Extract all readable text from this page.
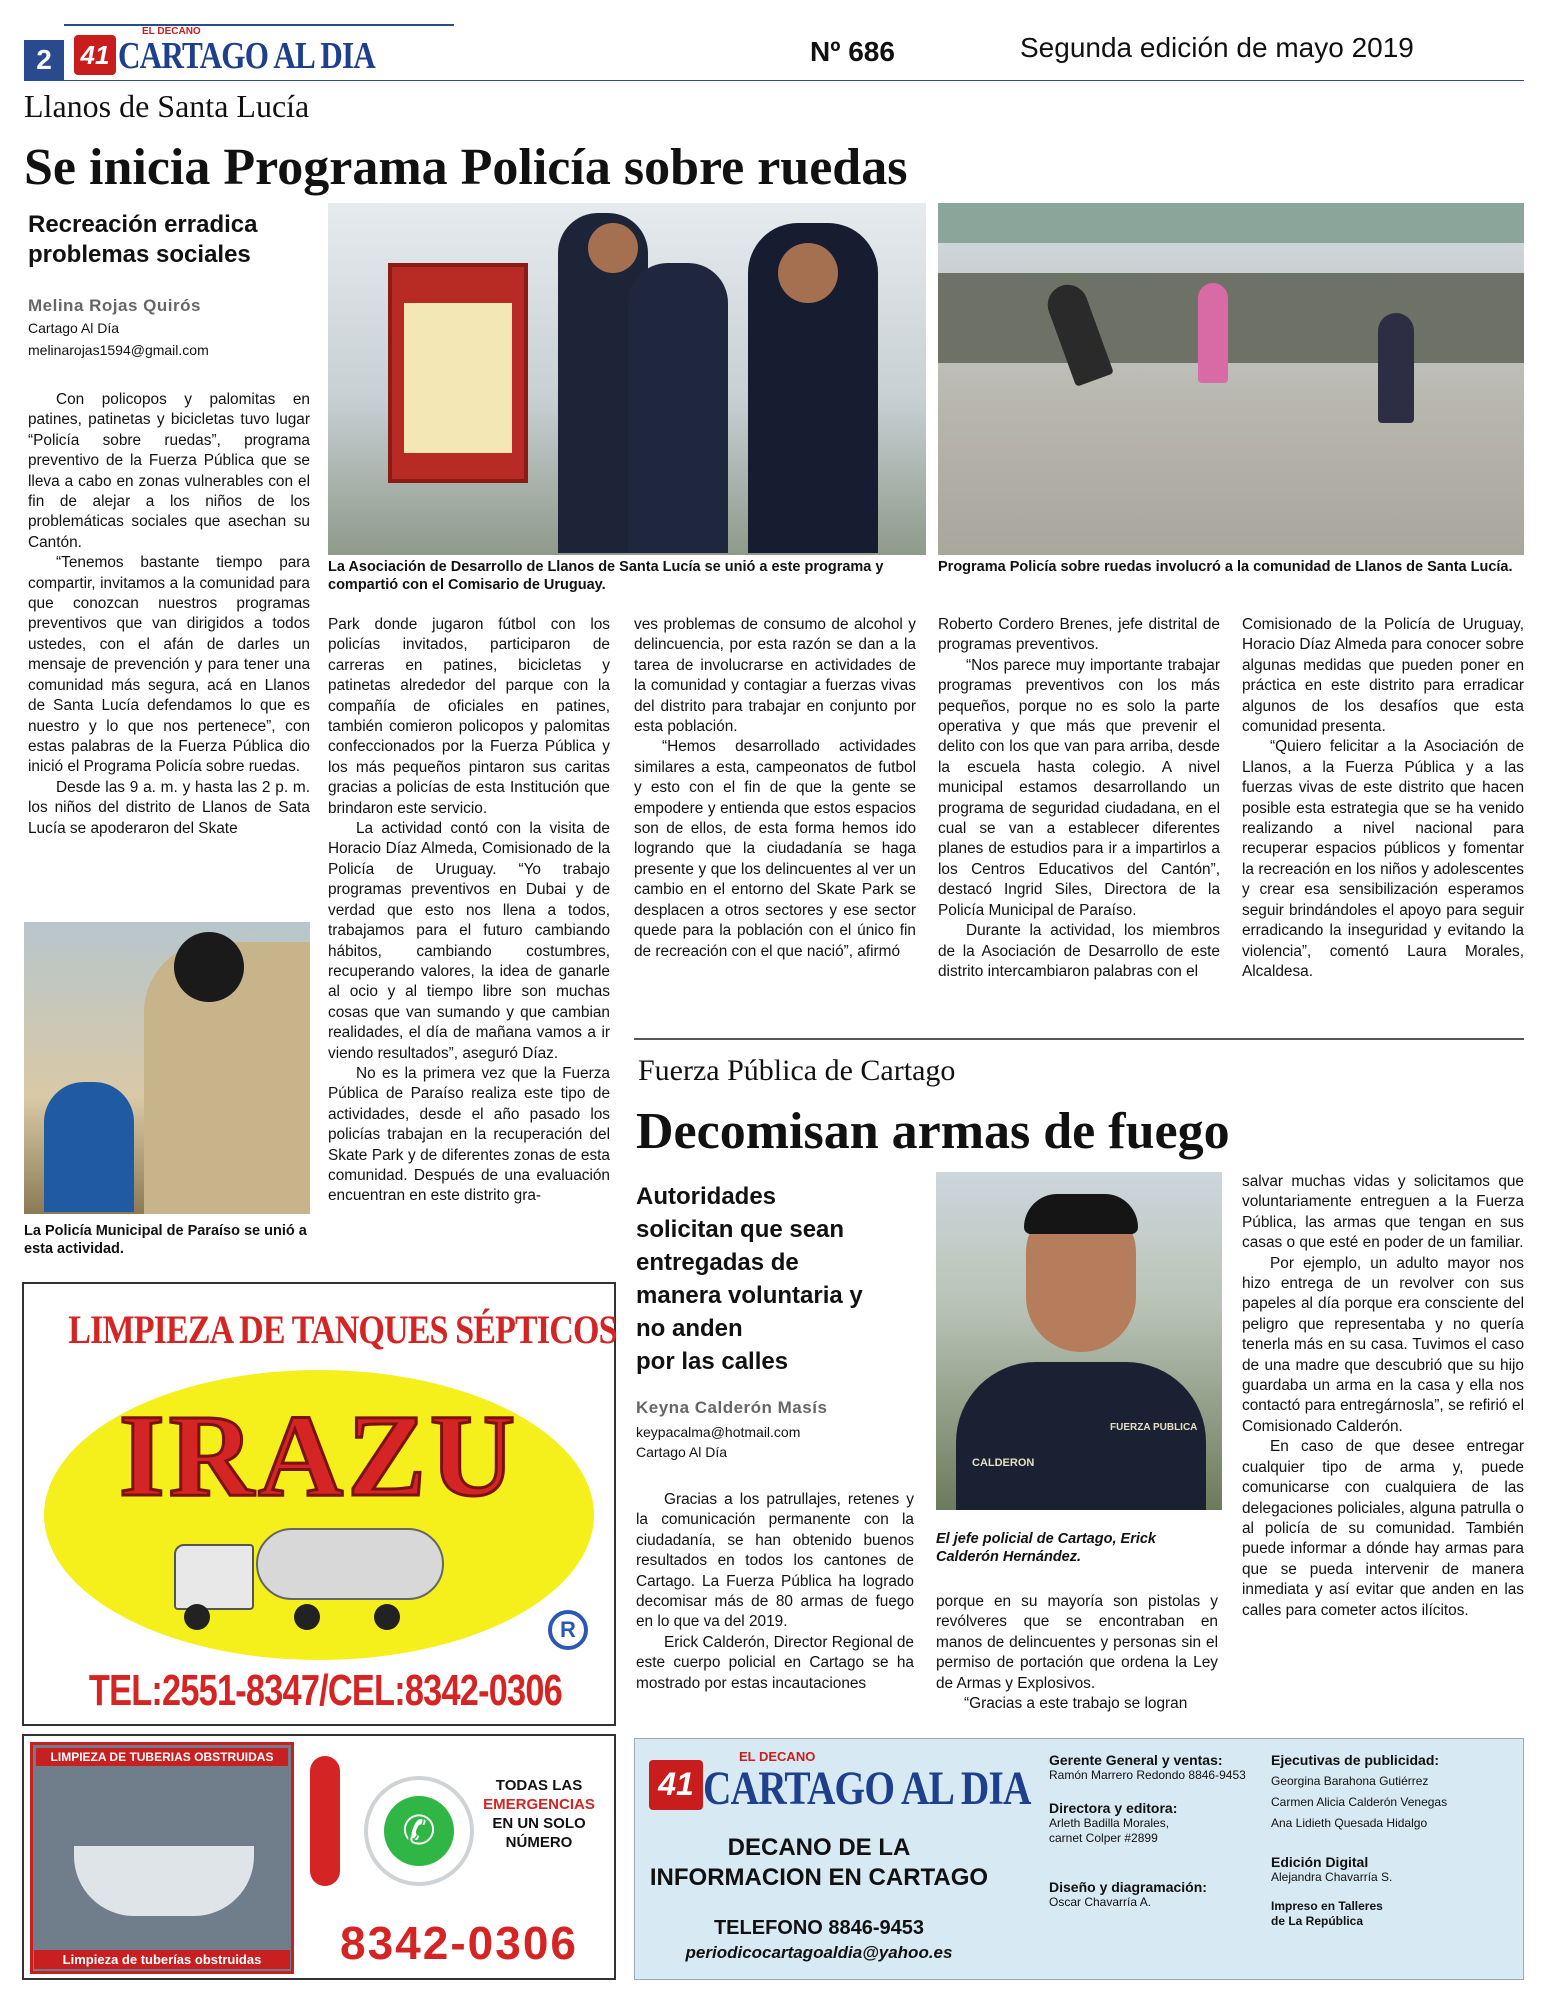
2 41
EL DECANO
CARTAGO AL DIA	Nº 686	Segunda edición de mayo 2019
Llanos de Santa Lucía
Se inicia Programa Policía sobre ruedas
Recreación erradica
problemas sociales
Melina Rojas Quirós
Cartago Al Día
melinarojas1594@gmail.com
La Asociación de Desarrollo de Llanos de Santa Lucía se unió a este programa y compartió con el Comisario de Uruguay.
Programa Policía sobre ruedas involucró a la comunidad de Llanos de Santa Lucía.

Con policopos y palomitas en patines, patinetas y bicicletas tuvo lugar “Policía sobre ruedas”, programa preventivo de la Fuerza Pública que se lleva a cabo en zonas vulnerables con el fin de alejar a los niños de los problemáticas sociales que asechan su Cantón.

“Tenemos bastante tiempo para compartir, invitamos a la comunidad para que conozcan nuestros programas preventivos que van dirigidos a todos ustedes, con el afán de darles un mensaje de prevención y para tener una comunidad más segura, acá en Llanos de Santa Lucía defendamos lo que es nuestro y lo que nos pertenece”, con estas palabras de la Fuerza Pública dio inició el Programa Policía sobre ruedas.

Desde las 9 a. m. y hasta las 2 p. m. los niños del distrito de Llanos de Sata Lucía se apoderaron del Skate

La Policía Municipal de Paraíso se unió a esta actividad.

Park donde jugaron fútbol con los policías invitados, participaron de carreras en patines, bicicletas y patinetas alrededor del parque con la compañía de oficiales en patines, también comieron policopos y palomitas confeccionados por la Fuerza Pública y los más pequeños pintaron sus caritas gracias a policías de esta Institución que brindaron este servicio.

La actividad contó con la visita de Horacio Díaz Almeda, Comisionado de la Policía de Uruguay. “Yo trabajo programas preventivos en Dubai y de verdad que esto nos llena a todos, trabajamos para el futuro cambiando hábitos, cambiando costumbres, recuperando valores, la idea de ganarle al ocio y al tiempo libre son muchas cosas que van sumando y que cambian realidades, el día de mañana vamos a ir viendo resultados”, aseguró Díaz.

No es la primera vez que la Fuerza Pública de Paraíso realiza este tipo de actividades, desde el año pasado los policías trabajan en la recuperación del Skate Park y de diferentes zonas de esta comunidad. Después de una evaluación encuentran en este distrito gra-

ves problemas de consumo de alcohol y delincuencia, por esta razón se dan a la tarea de involucrarse en actividades de la comunidad y contagiar a fuerzas vivas del distrito para trabajar en conjunto por esta población.

“Hemos desarrollado actividades similares a esta, campeonatos de futbol y esto con el fin de que la gente se empodere y entienda que estos espacios son de ellos, de esta forma hemos ido logrando que la ciudadanía se haga presente y que los delincuentes al ver un cambio en el entorno del Skate Park se desplacen a otros sectores y ese sector quede para la población con el único fin de recreación con el que nació”, afirmó

Roberto Cordero Brenes, jefe distrital de programas preventivos.

“Nos parece muy importante trabajar programas preventivos con los más pequeños, porque no es solo la parte operativa y que más que prevenir el delito con los que van para arriba, desde la escuela hasta colegio. A nivel municipal estamos desarrollando un programa de seguridad ciudadana, en el cual se van a establecer diferentes planes de estudios para ir a impartirlos a los Centros Educativos del Cantón”, destacó Ingrid Siles, Directora de la Policía Municipal de Paraíso.

Durante la actividad, los miembros de la Asociación de Desarrollo de este distrito intercambiaron palabras con el

Comisionado de la Policía de Uruguay, Horacio Díaz Almeda para conocer sobre algunas medidas que pueden poner en práctica en este distrito para erradicar algunos de los desafíos que esta comunidad presenta.

“Quiero felicitar a la Asociación de Llanos, a la Fuerza Pública y a las fuerzas vivas de este distrito que hacen posible esta estrategia que se ha venido realizando a nivel nacional para recuperar espacios públicos y fomentar la recreación en los niños y adolescentes y crear esa sensibilización esperamos seguir brindándoles el apoyo para seguir erradicando la inseguridad y evitando la violencia”, comentó Laura Morales, Alcaldesa.

Fuerza Pública de Cartago
Decomisan armas de fuego
Autoridades
solicitan que sean
entregadas de
manera voluntaria y
no anden
por las calles
Keyna Calderón Masís
keypacalma@hotmail.com
Cartago Al Día

Gracias a los patrullajes, retenes y la comunicación permanente con la ciudadanía, se han obtenido buenos resultados en todos los cantones de Cartago. La Fuerza Pública ha logrado decomisar más de 80 armas de fuego en lo que va del 2019.

Erick Calderón, Director Regional de este cuerpo policial en Cartago se ha mostrado por estas incautaciones

CALDERON
FUERZA PUBLICA
El jefe policial de Cartago, Erick Calderón Hernández.

porque en su mayoría son pistolas y revólveres que se encontraban en manos de delincuentes y personas sin el permiso de portación que ordena la Ley de Armas y Explosivos.

“Gracias a este trabajo se logran

salvar muchas vidas y solicitamos que voluntariamente entreguen a la Fuerza Pública, las armas que tengan en sus casas o que esté en poder de un familiar.

Por ejemplo, un adulto mayor nos hizo entrega de un revolver con sus papeles al día porque era consciente del peligro que representaba y no quería tenerla más en su casa. Tuvimos el caso de una madre que descubrió que su hijo guardaba un arma en la casa y ella nos contactó para entregárnosla”, se refirió el Comisionado Calderón.

En caso de que desee entregar cualquier tipo de arma y, puede comunicarse con cualquiera de las delegaciones policiales, alguna patrulla o al policía de su comunidad. También puede informar a dónde hay armas para que se pueda intervenir de manera inmediata y así evitar que anden en las calles para cometer actos ilícitos.

LIMPIEZA DE TANQUES SÉPTICOS
IRAZU
R
TEL:2551-8347/CEL:8342-0306
LIMPIEZA DE TUBERIAS OBSTRUIDAS
Limpieza de tuberías obstruidas
✆
TODAS LAS
EMERGENCIAS
EN UN SOLO
NÚMERO
8342-0306
41
EL DECANO
CARTAGO AL DIA
DECANO DE LA
INFORMACION EN CARTAGO
TELEFONO 8846-9453
periodicocartagoaldia@yahoo.es
Gerente General y ventas:
Ramón Marrero Redondo 8846-9453
Directora y editora:
Arleth Badilla Morales,
carnet Colper #2899
Diseño y diagramación:
Oscar Chavarría A.
Ejecutivas de publicidad:
Georgina Barahona Gutiérrez
Carmen Alicia Calderón Venegas
Ana Lidieth Quesada Hidalgo
Edición Digital
Alejandra Chavarría S.
Impreso en Talleres
de La República
